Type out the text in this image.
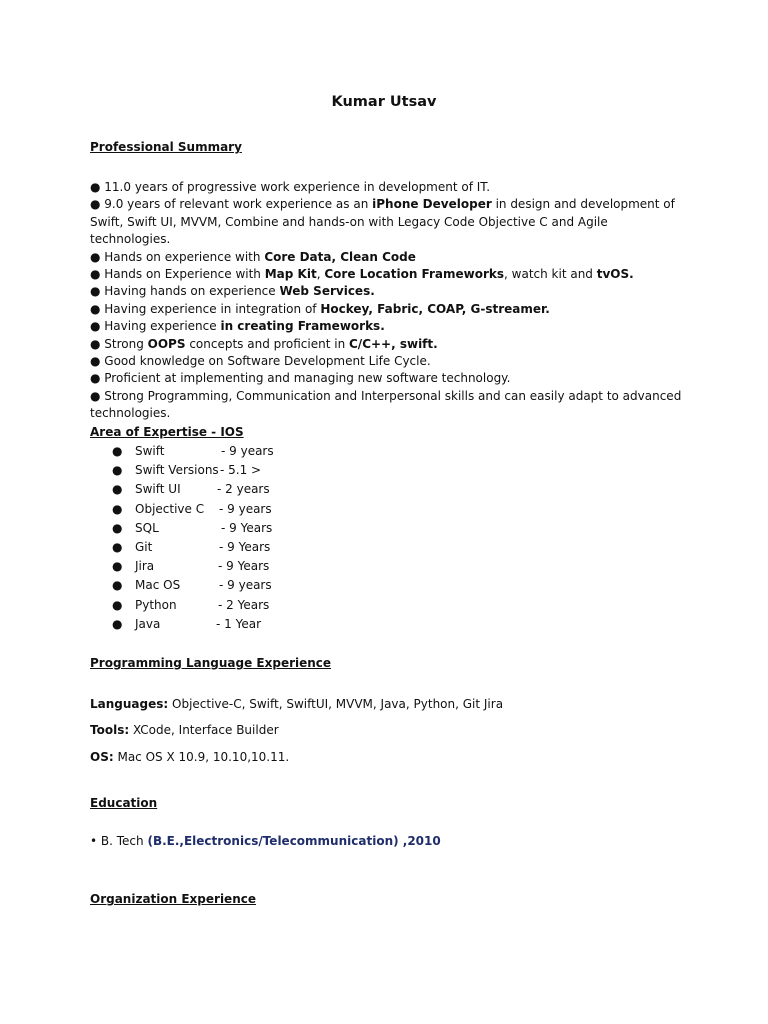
Kumar Utsav
Professional Summary

● 11.0 years of progressive work experience in development of IT.

● 9.0 years of relevant work experience as an iPhone Developer in design and development of Swift, Swift UI, MVVM, Combine and hands-on with Legacy Code Objective C and Agile technologies.

● Hands on experience with Core Data, Clean Code

● Hands on Experience with Map Kit, Core Location Frameworks, watch kit and tvOS.

● Having hands on experience Web Services.

● Having experience in integration of Hockey, Fabric, COAP, G-streamer.

● Having experience in creating Frameworks.

● Strong OOPS concepts and proficient in C/C++, swift.

● Good knowledge on Software Development Life Cycle.

● Proficient at implementing and managing new software technology.

● Strong Programming, Communication and Interpersonal skills and can easily adapt to advanced technologies.

Area of Expertise - IOS
● Swift	- 9 years
● Swift Versions - 5.1 >
● Swift UI	- 2 years
● Objective C - 9 years
● SQL	- 9 Years
● Git	- 9 Years
● Jira	- 9 Years
● Mac OS	- 9 years
● Python	- 2 Years
● Java	- 1 Year
Programming Language Experience
Languages: Objective-C, Swift, SwiftUI, MVVM, Java, Python, Git Jira
Tools: XCode, Interface Builder
OS: Mac OS X 10.9, 10.10,10.11.
Education
• B. Tech (B.E.,Electronics/Telecommunication) ,2010
Organization Experience
